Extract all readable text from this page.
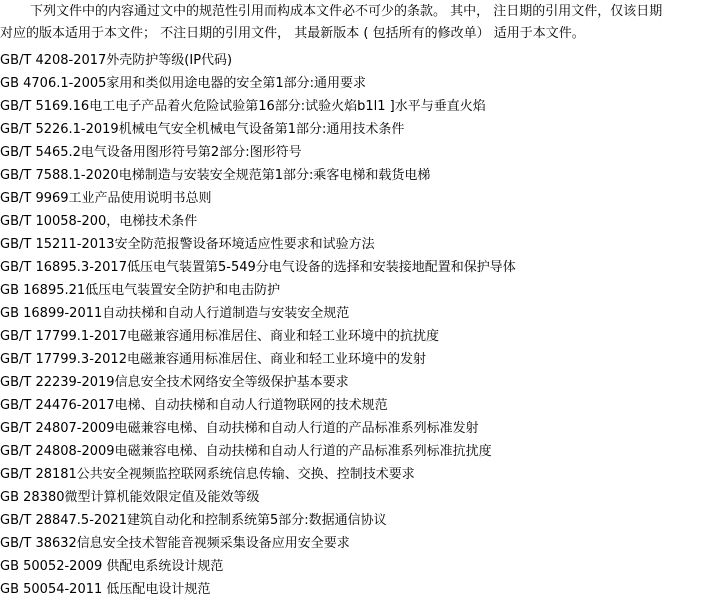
下列文件中的内容通过文中的规范性引用而构成本文件必不可少的条款。 其中， 注日期的引用文件，仅该日期
对应的版本适用于本文件； 不注日期的引用文件， 其最新版本 ( 包括所有的修改单） 适用于本文件。

GB/T 4208-2017外壳防护等级(IP代码)
GB 4706.1-2005家用和类似用途电器的安全第1部分:通用要求
GB/T 5169.16电工电子产品着火危险试验第16部分:试验火焰b1l1 ]水平与垂直火焰
GB/T 5226.1-2019机械电气安全机械电气设备第1部分:通用技术条件
GB/T 5465.2电气设备用图形符号第2部分:图形符号
GB/T 7588.1-2020电梯制造与安装安全规范第1部分:乘客电梯和载货电梯
GB/T 9969工业产品使用说明书总则
GB/T 10058-200，电梯技术条件
GB/T 15211-2013安全防范报警设备环境适应性要求和试验方法
GB/T 16895.3-2017低压电气装置第5-549分电气设备的选择和安装接地配置和保护导体
GB 16895.21低压电气装置安全防护和电击防护
GB 16899-2011自动扶梯和自动人行道制造与安装安全规范
GB/T 17799.1-2017电磁兼容通用标准居住、商业和轻工业环境中的抗扰度
GB/T 17799.3-2012电磁兼容通用标准居住、商业和轻工业环境中的发射
GB/T 22239-2019信息安全技术网络安全等级保护基本要求
GB/T 24476-2017电梯、自动扶梯和自动人行道物联网的技术规范
GB/T 24807-2009电磁兼容电梯、自动扶梯和自动人行道的产品标准系列标准发射
GB/T 24808-2009电磁兼容电梯、自动扶梯和自动人行道的产品标准系列标准抗扰度
GB/T 28181公共安全视频监控联网系统信息传输、交换、控制技术要求
GB 28380微型计算机能效限定值及能效等级
GB/T 28847.5-2021建筑自动化和控制系统第5部分:数据通信协议
GB/T 38632信息安全技术智能音视频采集设备应用安全要求
GB 50052-2009 供配电系统设计规范
GB 50054-2011 低压配电设计规范
